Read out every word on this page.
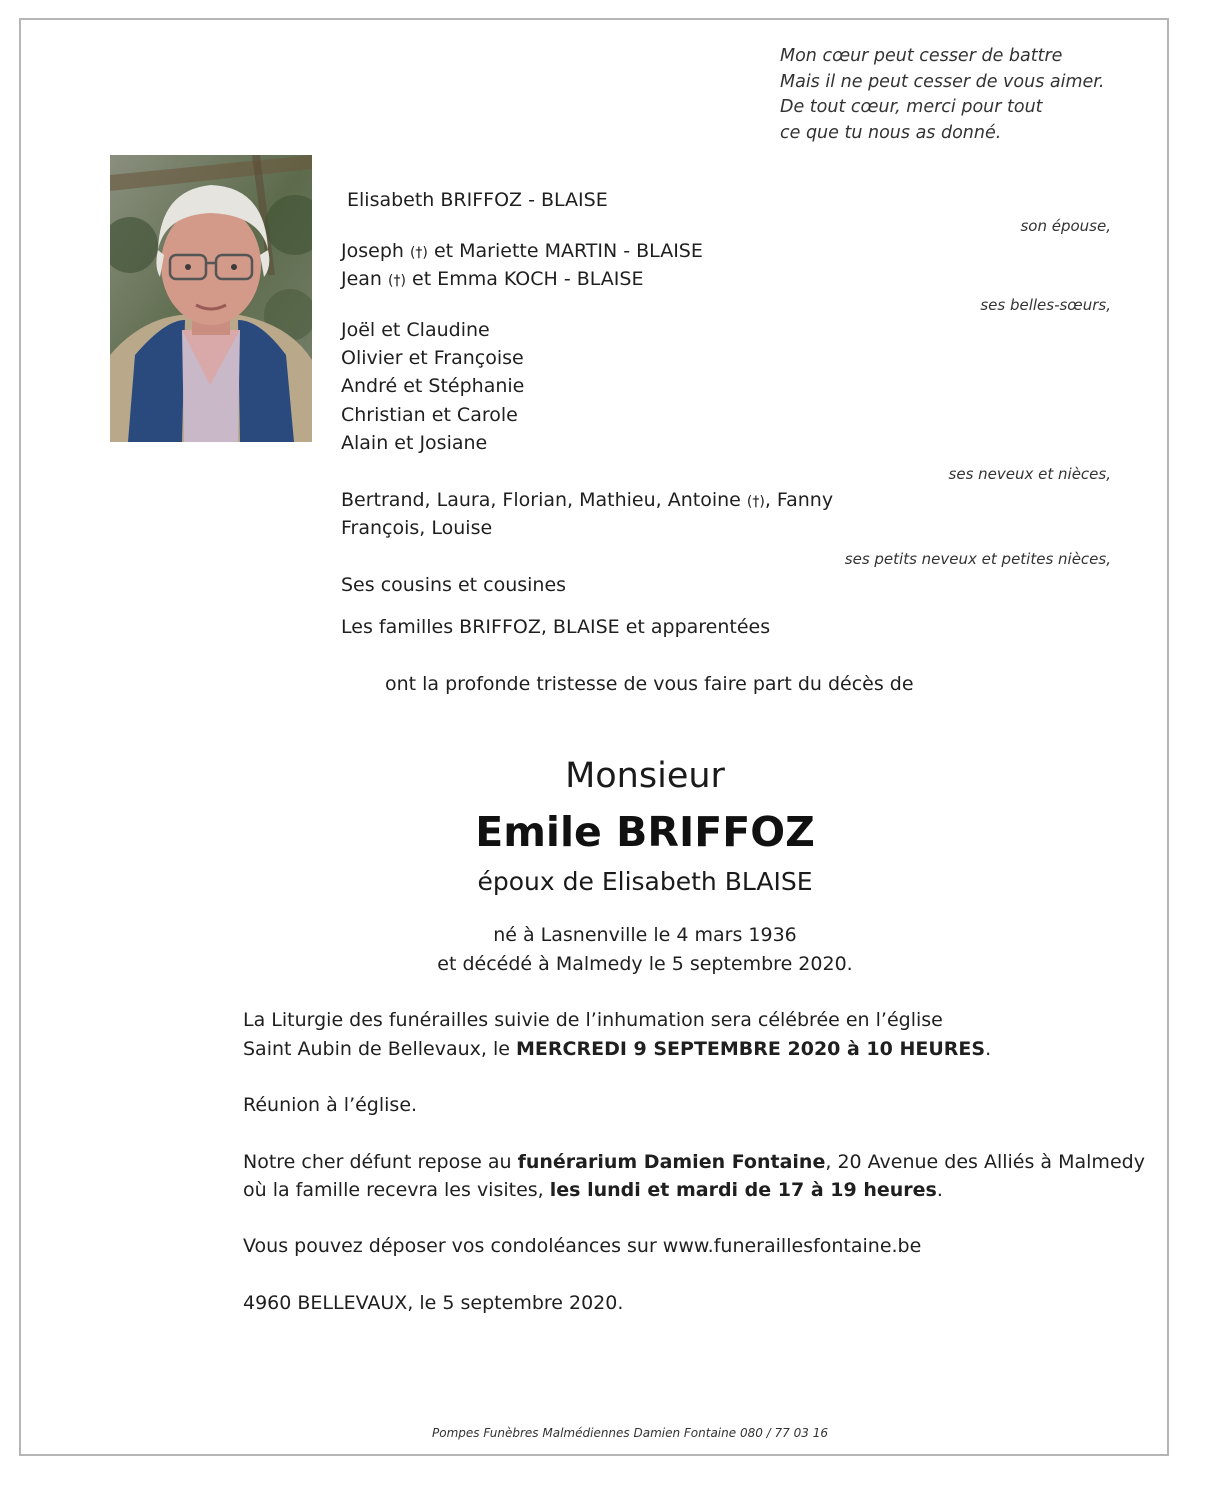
Mon cœur peut cesser de battre
Mais il ne peut cesser de vous aimer.
De tout cœur, merci pour tout
ce que tu nous as donné.
Elisabeth BRIFFOZ - BLAISE
son épouse,
Joseph (†) et Mariette MARTIN - BLAISE
Jean (†) et Emma KOCH - BLAISE
ses belles-sœurs,
Joël et Claudine
Olivier et Françoise
André et Stéphanie
Christian et Carole
Alain et Josiane
ses neveux et nièces,
Bertrand, Laura, Florian, Mathieu, Antoine (†), Fanny
François, Louise
ses petits neveux et petites nièces,
Ses cousins et cousines
Les familles BRIFFOZ, BLAISE et apparentées
ont la profonde tristesse de vous faire part du décès de
Monsieur
Emile BRIFFOZ
époux de Elisabeth BLAISE
né à Lasnenville le 4 mars 1936
et décédé à Malmedy le 5 septembre 2020.
La Liturgie des funérailles suivie de l’inhumation sera célébrée en l’église
Saint Aubin de Bellevaux, le MERCREDI 9 SEPTEMBRE 2020 à 10 HEURES.
Réunion à l’église.
Notre cher défunt repose au funérarium Damien Fontaine, 20 Avenue des Alliés à Malmedy
où la famille recevra les visites, les lundi et mardi de 17 à 19 heures.
Vous pouvez déposer vos condoléances sur www.funeraillesfontaine.be
4960 BELLEVAUX, le 5 septembre 2020.
Pompes Funèbres Malmédiennes Damien Fontaine 080 / 77 03 16
